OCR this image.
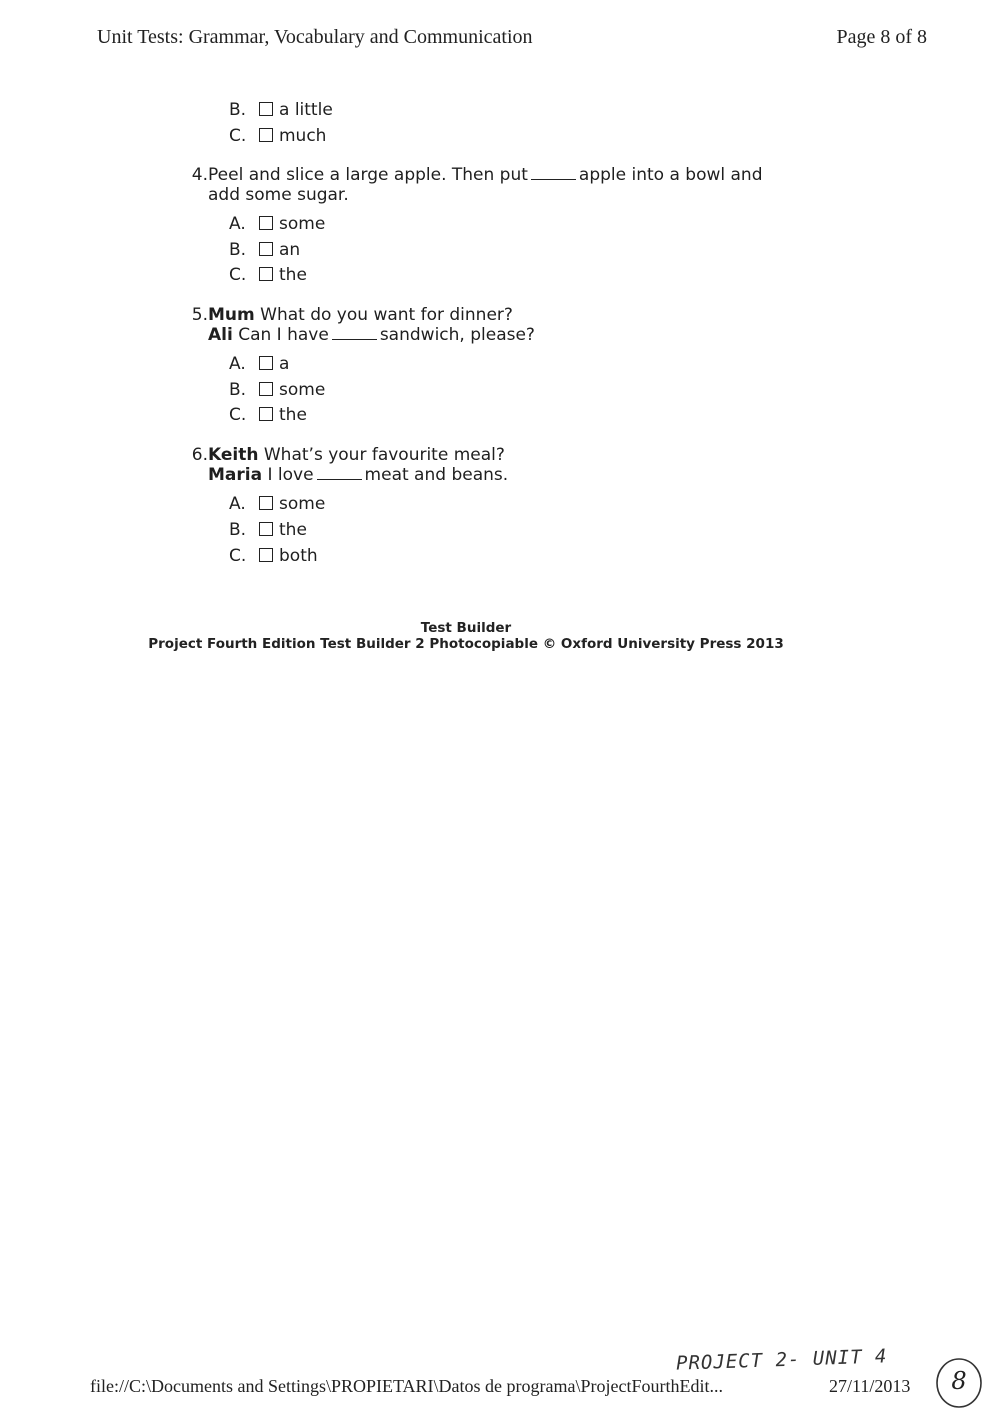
Unit Tests: Grammar, Vocabulary and Communication	Page 8 of 8
B. a little
C. much
4. Peel and slice a large apple. Then put	apple into a bowl and
add some sugar.
A. some
B. an
C. the
5. Mum What do you want for dinner?
Ali Can I have	sandwich, please?
A. a
B. some
C. the
6. Keith What’s your favourite meal?
Maria I love	meat and beans.
A. some
B. the
C. both
Test Builder
Project Fourth Edition Test Builder 2 Photocopiable © Oxford University Press 2013
PROJECT 2- UNIT 4
8
file://C:\Documents and Settings\PROPIETARI\Datos de programa\ProjectFourthEdit...	27/11/2013
